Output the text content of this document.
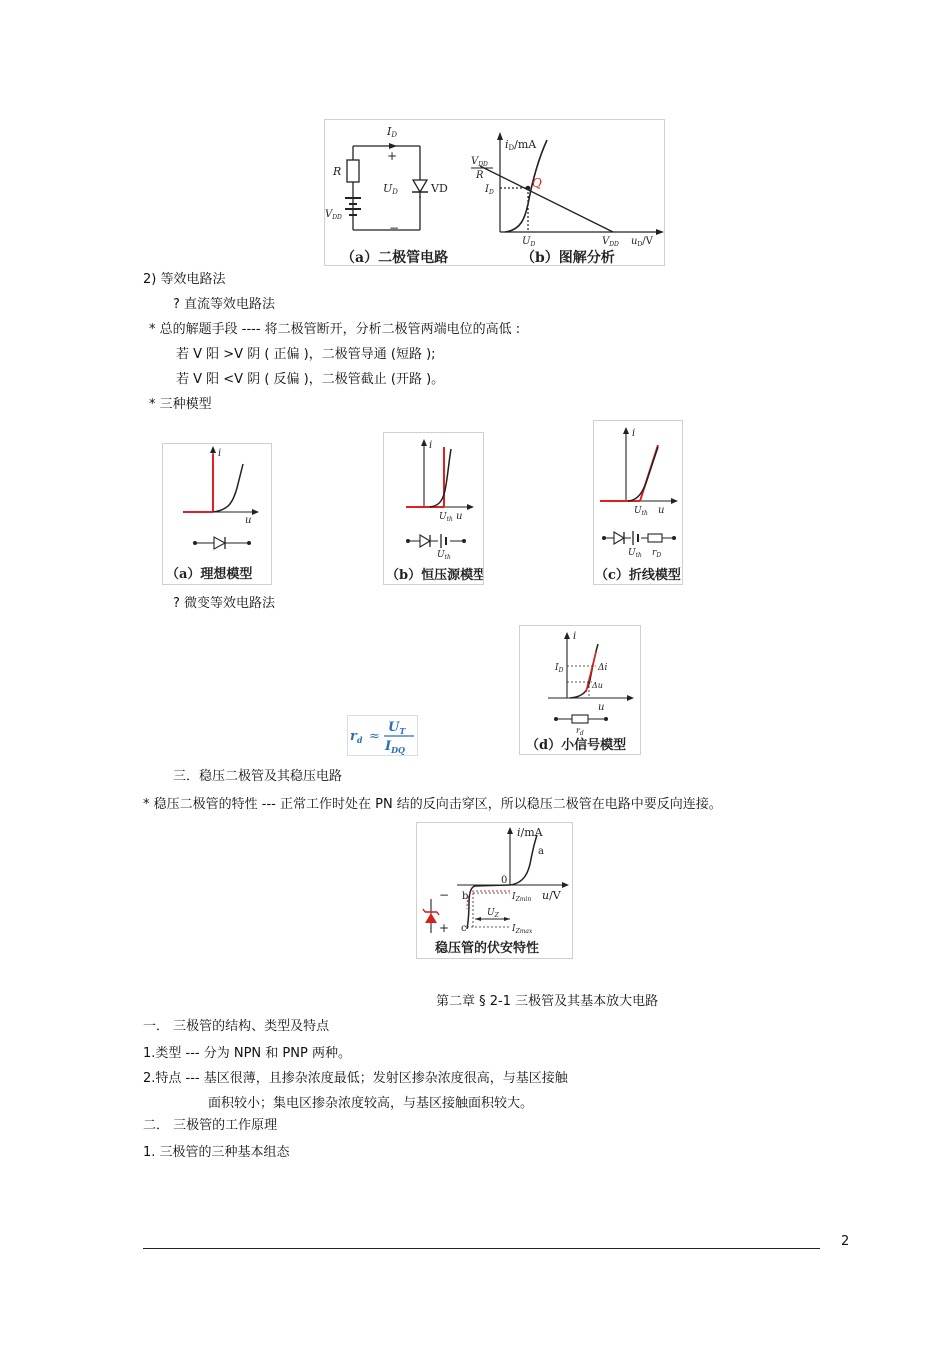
ID
+
R
UD	VD
$V_{DD}$
−
iD/mA
$V_{DD}$
R
$I_D$
Q
$U_D$	$V_{DD}$ $u_D/V$
（a）二极管电路	（b）图解分析
2) 等效电路法
? 直流等效电路法
* 总的解题手段 ---- 将二极管断开，分析二极管两端电位的高低 :
若 V 阳 >V 阴 ( 正偏 )，二极管导通 (短路 );
若 V 阳 <V 阴 ( 反偏 )，二极管截止 (开路 )。
* 三种模型
i
u
（a）理想模型
i
$U_{th}$ u
$U_{th}$
（b）恒压源模型
i
$U_{th}$ u
$U_{th}$ $r_D$
（c）折线模型
? 微变等效电路法
$r_d$ ≈
$U_T$
$I_{DQ}$
i
$I_D$	Δi
Δu
u
$r_d$
（d）小信号模型
三．稳压二极管及其稳压电路
* 稳压二极管的特性 --- 正常工作时处在 PN 结的反向击穿区，所以稳压二极管在电路中要反向连接。
i/mA
a
0
b	$I_{Zmin}$ u/V
$U_Z$
c	$I_{Zmax}$
−
+
稳压管的伏安特性
第二章 § 2-1 三极管及其基本放大电路
一． 三极管的结构、类型及特点
1.类型 --- 分为 NPN 和 PNP 两种。
2.特点 --- 基区很薄，且掺杂浓度最低；发射区掺杂浓度很高，与基区接触
面积较小；集电区掺杂浓度较高，与基区接触面积较大。
二． 三极管的工作原理
1. 三极管的三种基本组态
2
